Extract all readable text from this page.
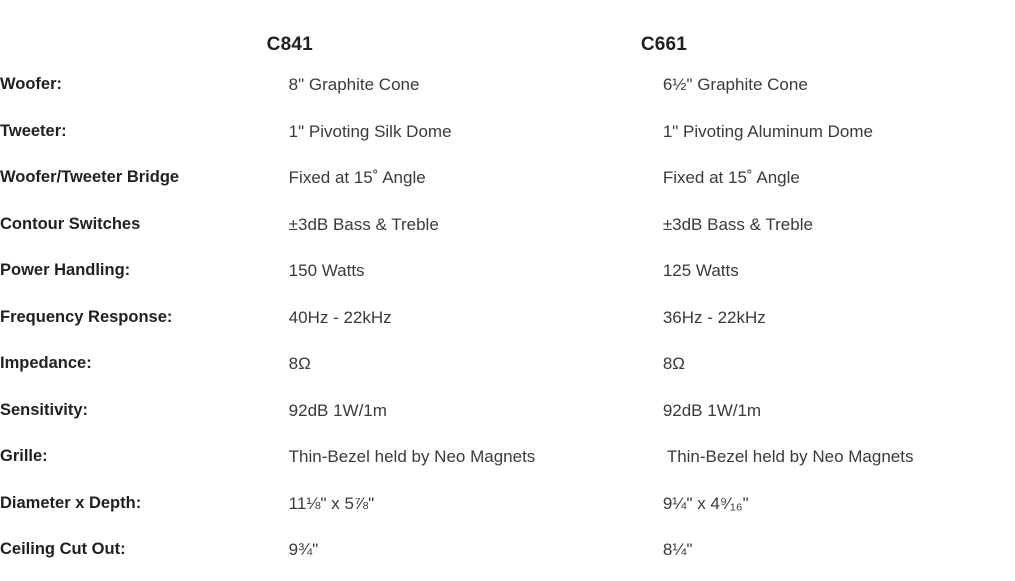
	C841	C661
Woofer:	8" Graphite Cone	6½" Graphite Cone
Tweeter:	1" Pivoting Silk Dome	1" Pivoting Aluminum Dome
Woofer/Tweeter Bridge	Fixed at 15˚ Angle	Fixed at 15˚ Angle
Contour Switches	±3dB Bass & Treble	±3dB Bass & Treble
Power Handling:	150 Watts	125 Watts
Frequency Response:	40Hz - 22kHz	36Hz - 22kHz
Impedance:	8Ω	8Ω
Sensitivity:	92dB 1W/1m	92dB 1W/1m
Grille:	Thin-Bezel held by Neo Magnets	Thin-Bezel held by Neo Magnets
Diameter x Depth:	11⅛" x 5⅞"	9¼" x 4⁹⁄₁₆"
Ceiling Cut Out:	9¾"	8¼"
